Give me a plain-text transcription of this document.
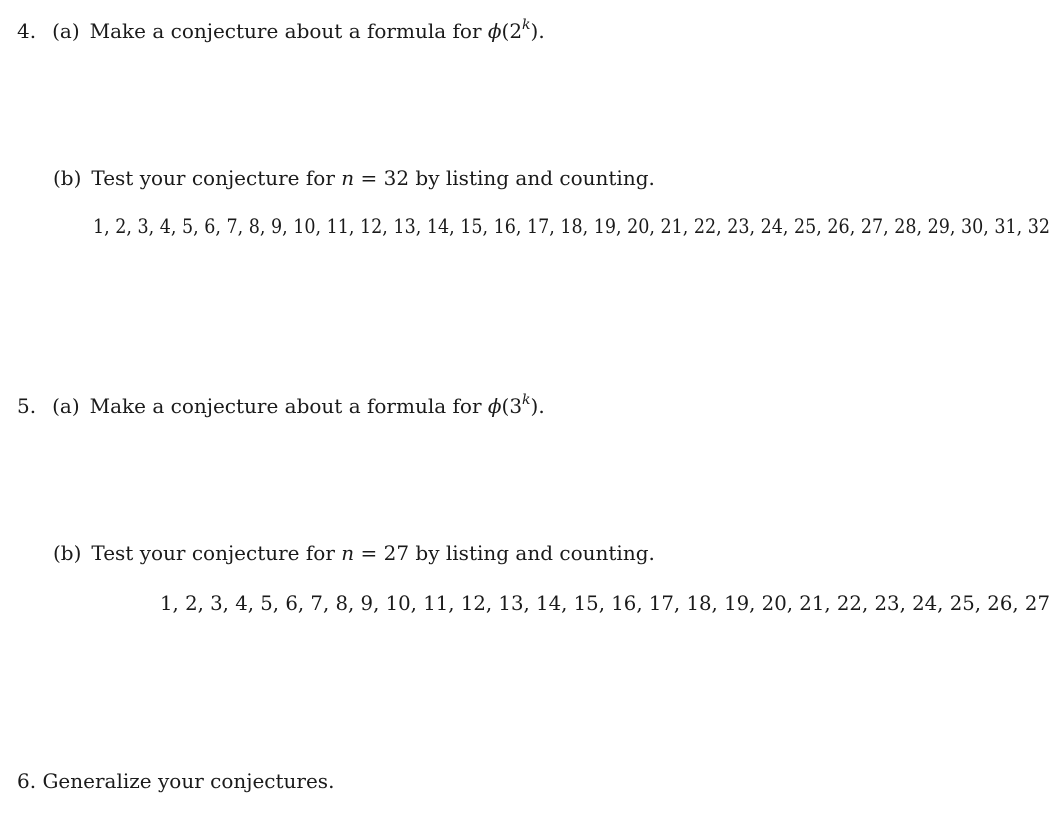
4. (a) Make a conjecture about a formula for ϕ(2$^k$).
(b) Test your conjecture for n = 32 by listing and counting.
1, 2, 3, 4, 5, 6, 7, 8, 9, 10, 11, 12, 13, 14, 15, 16, 17, 18, 19, 20, 21, 22, 23, 24, 25, 26, 27, 28, 29, 30, 31, 32
5. (a) Make a conjecture about a formula for ϕ(3$^k$).
(b) Test your conjecture for n = 27 by listing and counting.
1, 2, 3, 4, 5, 6, 7, 8, 9, 10, 11, 12, 13, 14, 15, 16, 17, 18, 19, 20, 21, 22, 23, 24, 25, 26, 27
6. Generalize your conjectures.
